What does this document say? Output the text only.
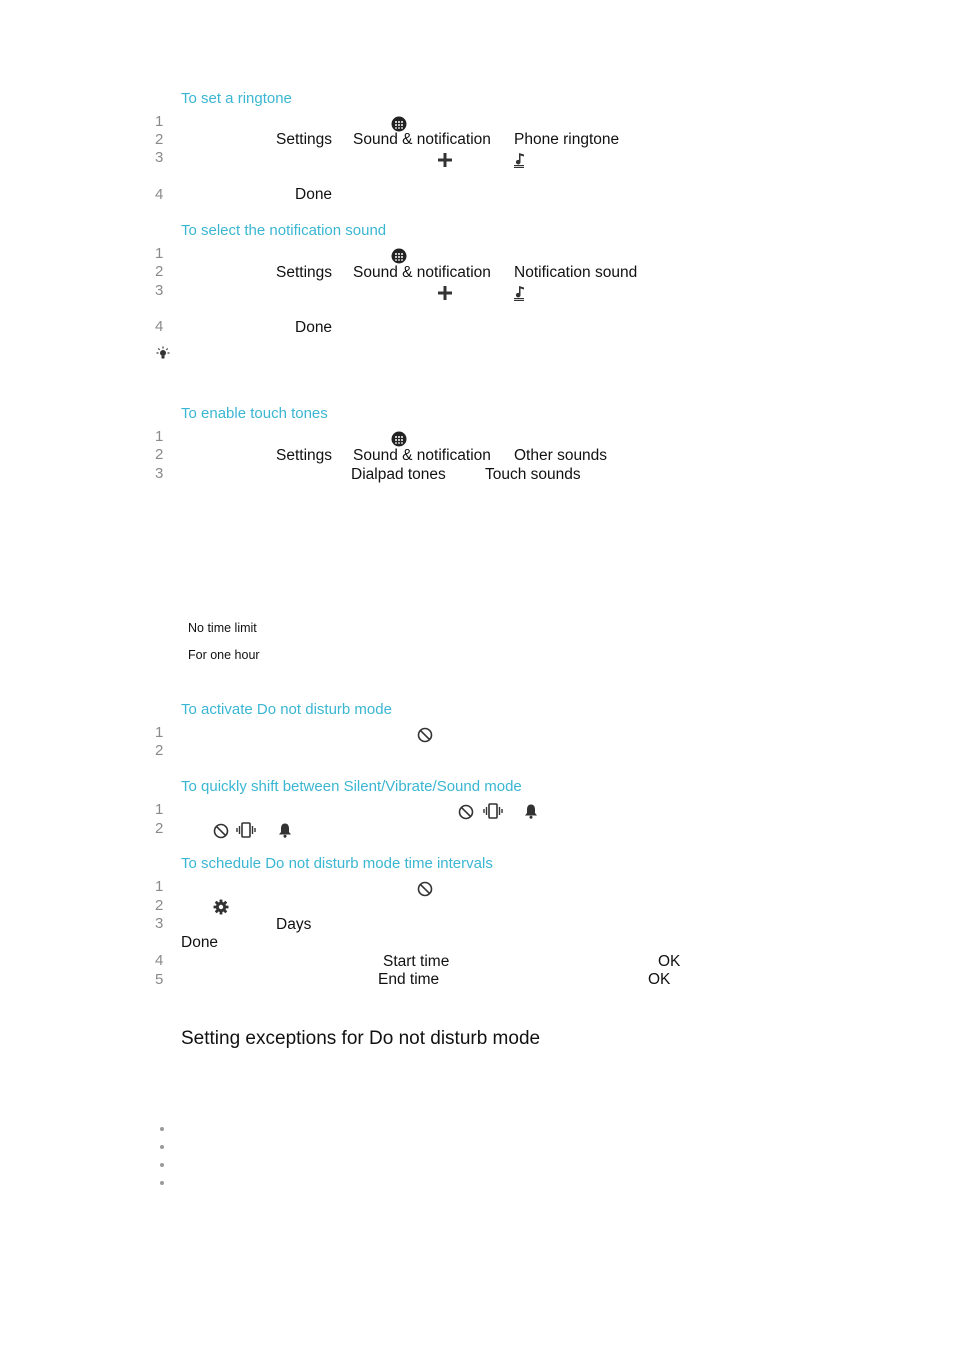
To set a ringtone
1
2
3
4
Settings Sound & notification Phone ringtone
Done
To select the notification sound
1
2
3
4
Settings Sound & notification Notification sound
Done
To enable touch tones
1
2
3
Settings Sound & notification Other sounds
Dialpad tones	Touch sounds
No time limit
For one hour
To activate Do not disturb mode
1
2
To quickly shift between Silent/Vibrate/Sound mode
1
2
To schedule Do not disturb mode time intervals
1
2
3
4
5
Days
Done
Start time	OK
End time	OK
Setting exceptions for Do not disturb mode
